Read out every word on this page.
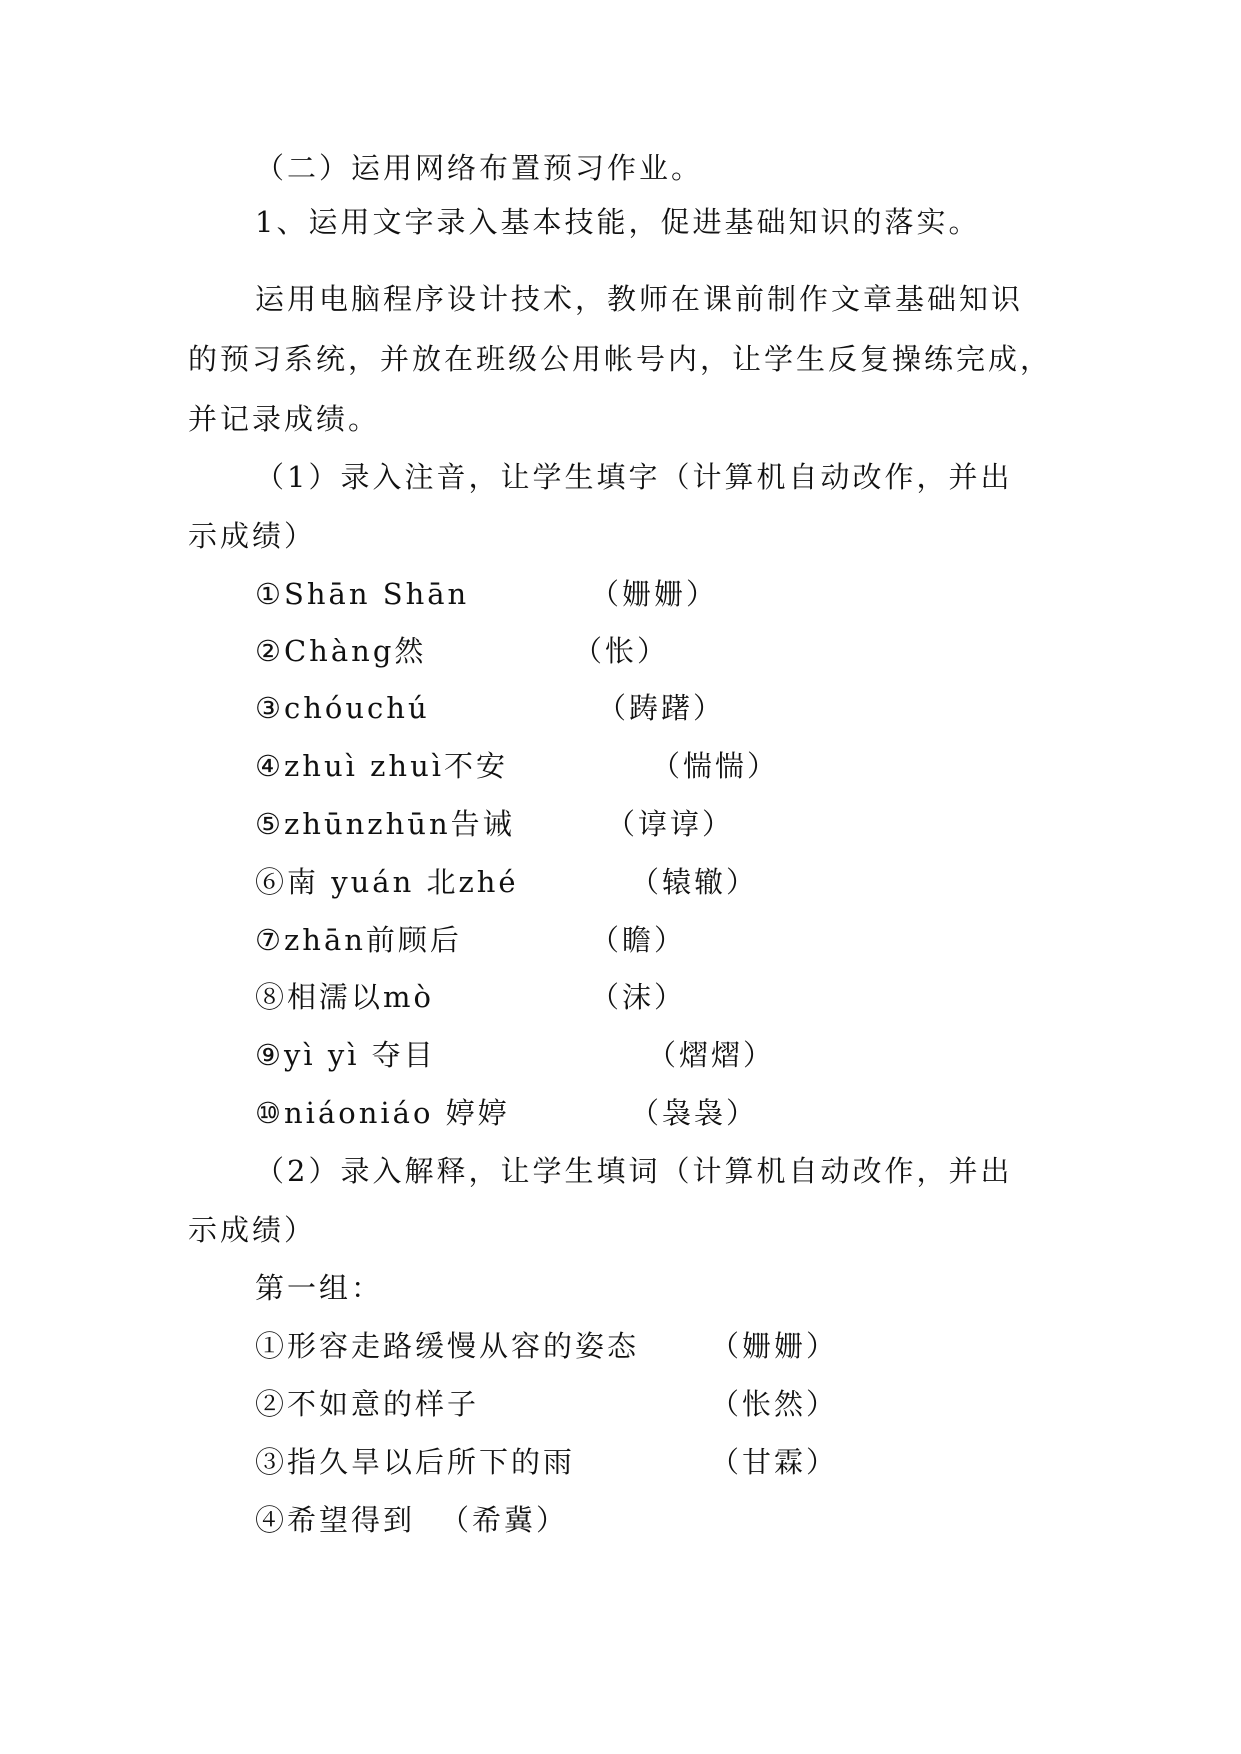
（二）运用网络布置预习作业。
1、运用文字录入基本技能，促进基础知识的落实。
运用电脑程序设计技术，教师在课前制作文章基础知识
的预习系统，并放在班级公用帐号内，让学生反复操练完成，
并记录成绩。
（1）录入注音，让学生填字（计算机自动改作，并出
示成绩）
①Shān Shān	（姗姗）
②Chàng然	（怅）
③chóuchú	（踌躇）
④zhuì zhuì不安	（惴惴）
⑤zhūnzhūn告诫	（谆谆）
⑥南 yuán 北zhé	（辕辙）
⑦zhān前顾后	（瞻）
⑧相濡以mò	（沫）
⑨yì yì 夺目	（熠熠）
⑩niáoniáo 婷婷	（袅袅）
（2）录入解释，让学生填词（计算机自动改作，并出
示成绩）
第一组：
①形容走路缓慢从容的姿态 （姗姗）
②不如意的样子	（怅然）
③指久旱以后所下的雨	（甘霖）
④希望得到 （希冀）
